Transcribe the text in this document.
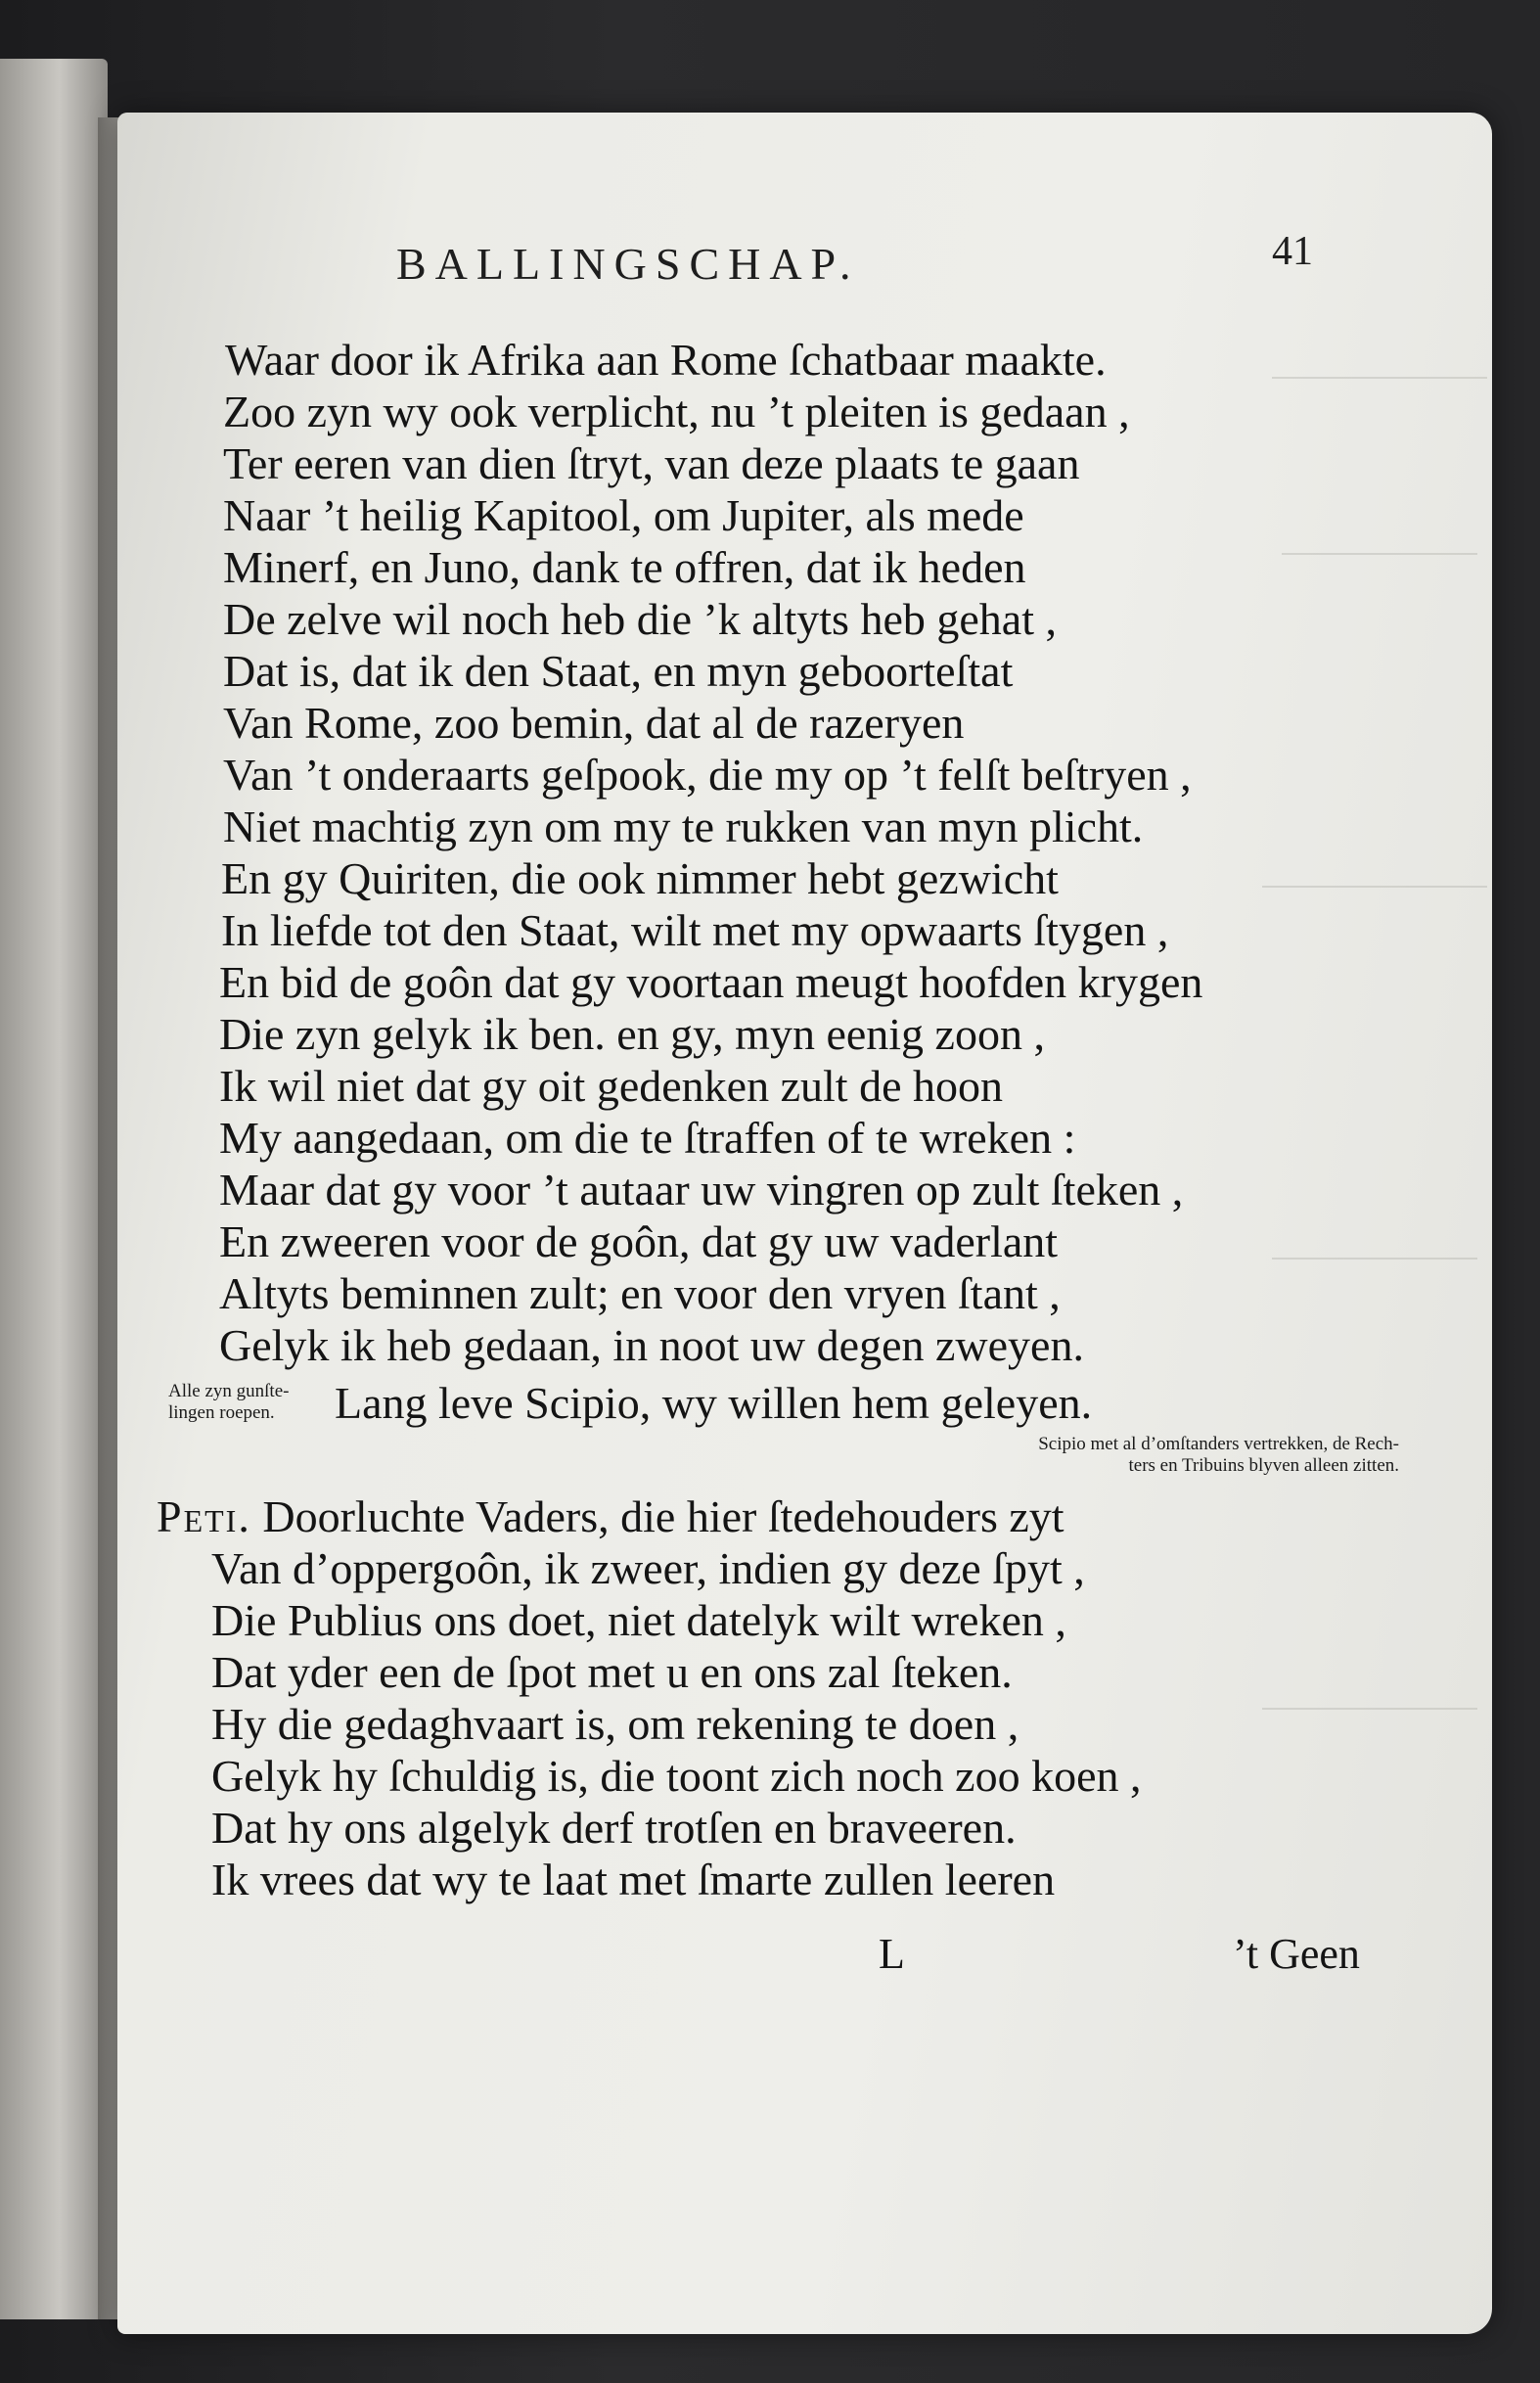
BALLINGSCHAP.	41
Waar door ik Afrika aan Rome ſchatbaar maakte.
Zoo zyn wy ook verplicht, nu ’t pleiten is gedaan ,
Ter eeren van dien ſtryt, van deze plaats te gaan
Naar ’t heilig Kapitool, om Jupiter, als mede
Minerf, en Juno, dank te offren, dat ik heden
De zelve wil noch heb die ’k altyts heb gehat ,
Dat is, dat ik den Staat, en myn geboorteſtat
Van Rome, zoo bemin, dat al de razeryen
Van ’t onderaarts geſpook, die my op ’t felſt beſtryen ,
Niet machtig zyn om my te rukken van myn plicht.
En gy Quiriten, die ook nimmer hebt gezwicht
In liefde tot den Staat, wilt met my opwaarts ſtygen ,
En bid de goôn dat gy voortaan meugt hoofden krygen
Die zyn gelyk ik ben. en gy, myn eenig zoon ,
Ik wil niet dat gy oit gedenken zult de hoon
My aangedaan, om die te ſtraffen of te wreken :
Maar dat gy voor ’t autaar uw vingren op zult ſteken ,
En zweeren voor de goôn, dat gy uw vaderlant
Altyts beminnen zult; en voor den vryen ſtant ,
Gelyk ik heb gedaan, in noot uw degen zweyen.
Alle zyn gunſte-
lingen roepen.	Lang leve Scipio, wy willen hem geleyen.
Scipio met al d’omſtanders vertrekken, de Rech-
ters en Tribuins blyven alleen zitten.
Peti. Doorluchte Vaders, die hier ſtedehouders zyt
Van d’oppergoôn, ik zweer, indien gy deze ſpyt ,
Die Publius ons doet, niet datelyk wilt wreken ,
Dat yder een de ſpot met u en ons zal ſteken.
Hy die gedaghvaart is, om rekening te doen ,
Gelyk hy ſchuldig is, die toont zich noch zoo koen ,
Dat hy ons algelyk derf trotſen en braveeren.
Ik vrees dat wy te laat met ſmarte zullen leeren
L	’t Geen
